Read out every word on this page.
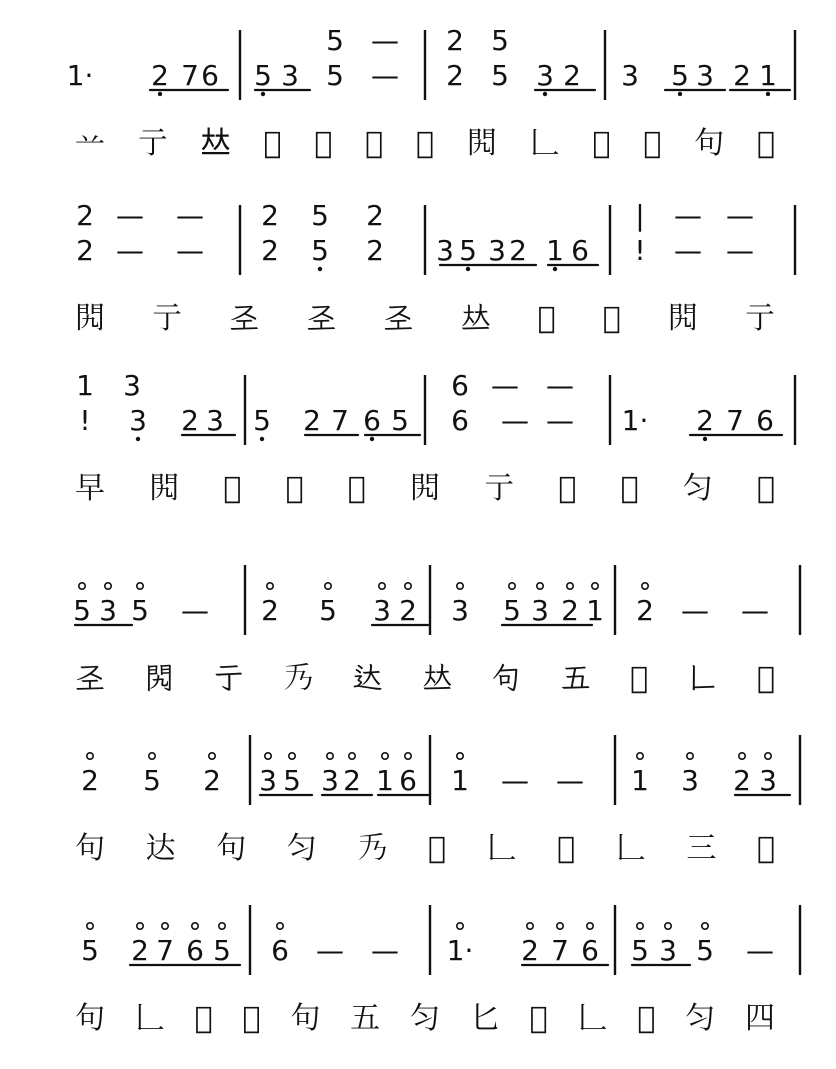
5 — 2 5
1· 2 7 6 5 3 5 — 2 5 3 2 3 5 3 2 1
䒑 亍 𠀤 𫝀 𫝁 𠂍 𢀖 𨳊 𠃊 𡆢 𢀖 句 𠀁
2 — — 2 5 2	| — —
2 — — 2 5 2 3 5 3 2 1 6 ! — —
𨳊 亍 𢀖 𢀖 𢀖 𠀤 𫝀 𠂍 𨳊 亍
1 3	6 — —
! 3 2 3 5 2 7 6 5 6 — — 1· 2 7 6
早 𨳊 𫝀 𠀤 𢀖 𨳊 亍 𠂍 𫝁 匀 𠀁
5 3 5 — 2 5 3 2 3 5 3 2 1 2 — —
𢀖 𨳊 亍 𠂍 达 𠀤 句 五 𡆢 𠃊 𫝁
2 5 2 3 5 3 2 1 6 1 — — 1 3 2 3
句 达 句 匀 𠂍 𡆢 𠃊 𫝁 𠃊 三 𡆢
5 2 7 6 5 6 — — 1· 2 7 6 5 3 5 —
句 𠃊 𡆢 𠀤 句 五 匀 匕 𡆢 𠃊 𢀖 匀 四
